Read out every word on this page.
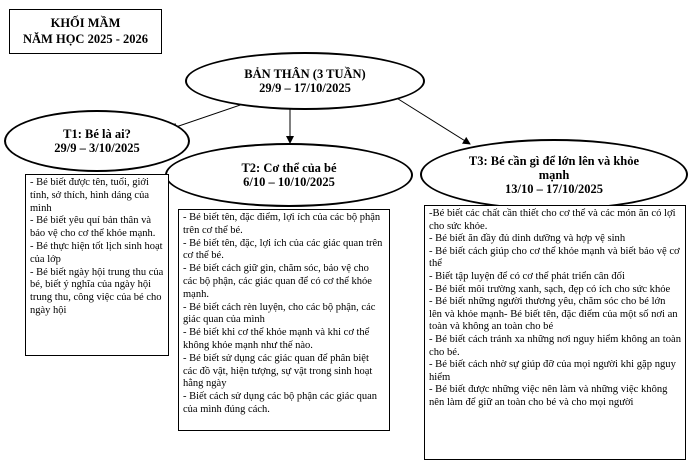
KHỐI MẦM
NĂM HỌC 2025 - 2026
BẢN THÂN (3 TUẦN)
29/9 – 17/10/2025
T1: Bé là ai?
29/9 – 3/10/2025
T2: Cơ thể của bé
6/10 – 10/10/2025
T3: Bé cần gì để lớn lên và khỏe mạnh
13/10 – 17/10/2025

- Bé biết được tên, tuổi, giới tính, sở thích, hình dáng của mình

- Bé biết yêu quí bản thân và bảo vệ cho cơ thể khỏe mạnh.

- Bé thực hiện tốt lịch sinh hoạt của lớp

- Bé biết ngày hội trung thu của bé, biết ý nghĩa của ngày hội trung thu, công việc của bé cho ngày hội

- Bé biết tên, đặc điểm, lợi ích của các bộ phận trên cơ thể bé.

- Bé biết tên, đặc, lợi ích của các giác quan trên cơ thể bé.

- Bé biết cách giữ gìn, chăm sóc, bảo vệ cho các bộ phận, các giác quan để có cơ thể khỏe mạnh.

- Bé biết cách rèn luyện, cho các bộ phận, các giác quan của mình

- Bé biết khi cơ thể khỏe mạnh và khi cơ thể không khỏe mạnh như thế nào.

- Bé biết sử dụng các giác quan để phân biệt các đồ vật, hiện tượng, sự vật trong sinh hoạt hằng ngày

- Biết cách sử dụng các bộ phận các giác quan của mình đúng cách.

-Bé biết các chất cần thiết cho cơ thể và các món ăn có lợi cho sức khỏe.

- Bé biết ăn đầy đủ dinh dưỡng và hợp vệ sinh

- Bé biết cách giúp cho cơ thể khỏe mạnh và biết bảo vệ cơ thể

- Biết tập luyện để có cơ thể phát triển cân đối

- Bé biết môi trường xanh, sạch, đẹp có ích cho sức khỏe

- Bé biết những người thương yêu, chăm sóc cho bé lớn lên và khỏe mạnh- Bé biết tên, đặc điểm của một số nơi an toàn và không an toàn cho bé

- Bé biết cách tránh xa những nơi nguy hiểm không an toàn cho bé.

- Bé biết cách nhờ sự giúp đỡ của mọi người khi gặp nguy hiểm

- Bé biết được những việc nên làm và những việc không nên làm để giữ an toàn cho bé và cho mọi người
